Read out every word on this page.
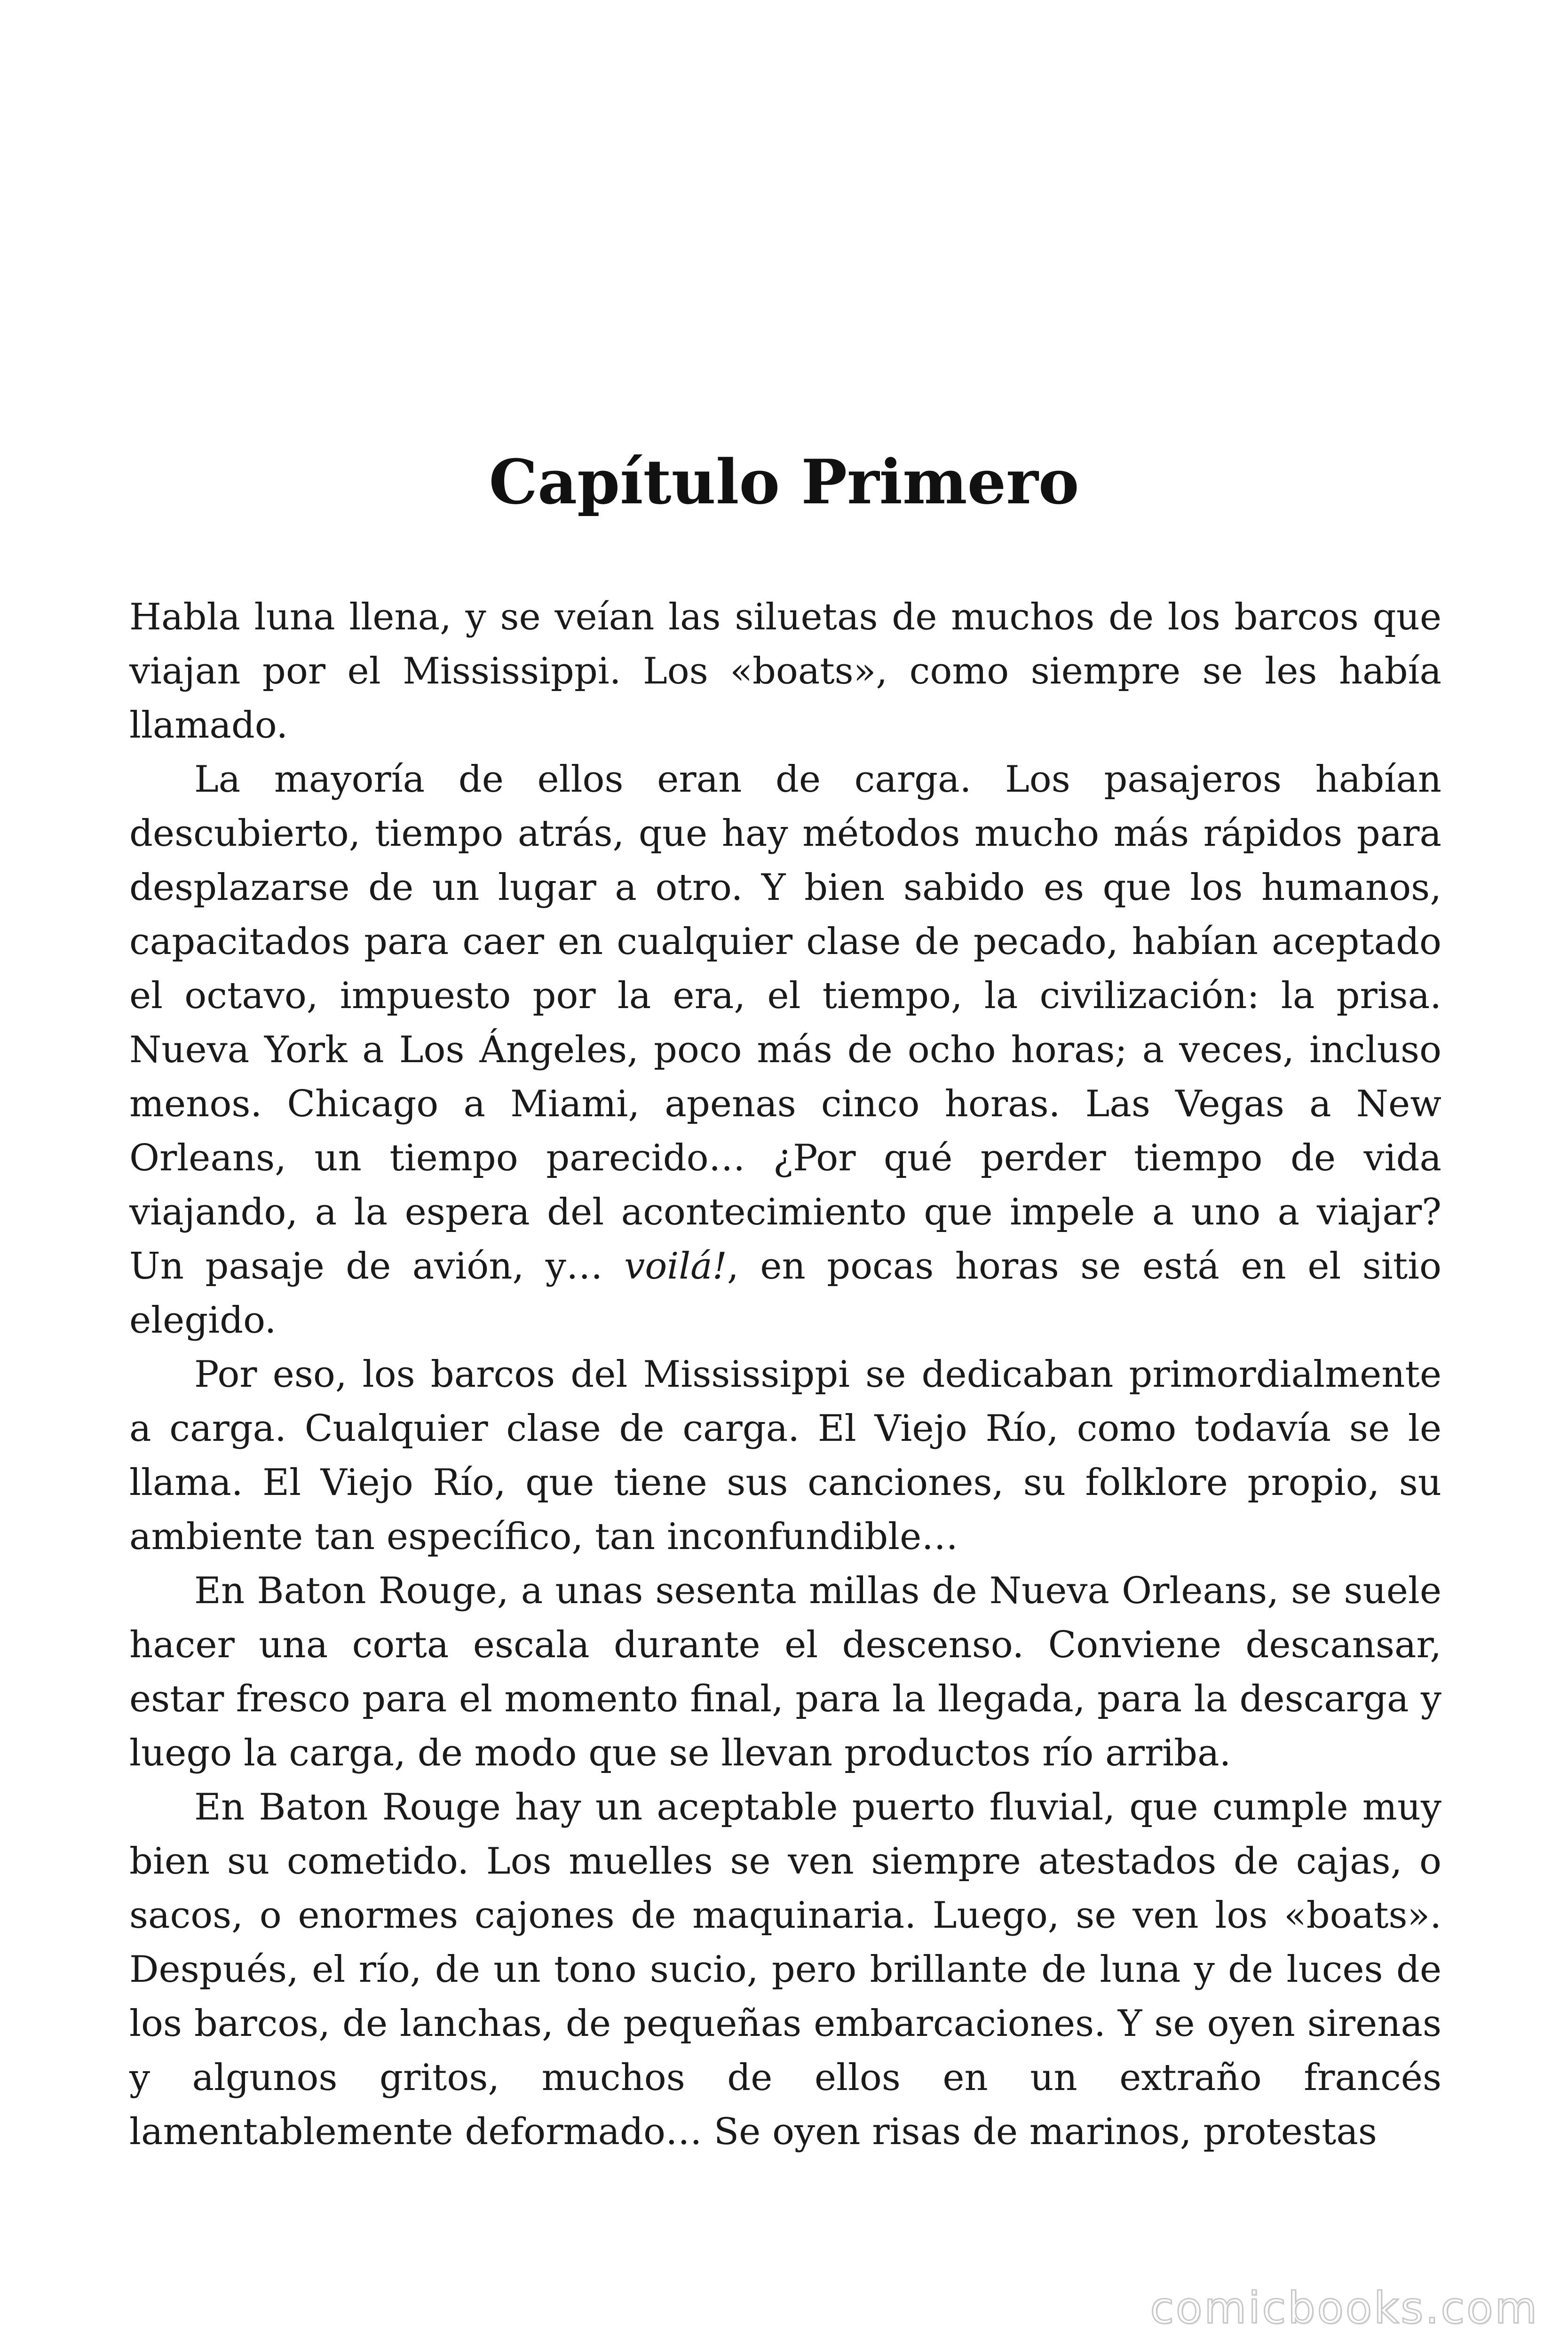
Capítulo Primero

Habla luna llena, y se veían las siluetas de muchos de los barcos que viajan por el Mississippi. Los «boats», como siempre se les había llamado.

La mayoría de ellos eran de carga. Los pasajeros habían descubierto, tiempo atrás, que hay métodos mucho más rápidos para desplazarse de un lugar a otro. Y bien sabido es que los humanos, capacitados para caer en cualquier clase de pecado, habían aceptado el octavo, impuesto por la era, el tiempo, la civilización: la prisa. Nueva York a Los Ángeles, poco más de ocho horas; a veces, incluso menos. Chicago a Miami, apenas cinco horas. Las Vegas a New Orleans, un tiempo parecido… ¿Por qué perder tiempo de vida viajando, a la espera del acontecimiento que impele a uno a viajar? Un pasaje de avión, y… voilá!, en pocas horas se está en el sitio elegido.

Por eso, los barcos del Mississippi se dedicaban primordialmente a carga. Cualquier clase de carga. El Viejo Río, como todavía se le llama. El Viejo Río, que tiene sus canciones, su folklore propio, su ambiente tan específico, tan inconfundible…

En Baton Rouge, a unas sesenta millas de Nueva Orleans, se suele hacer una corta escala durante el descenso. Conviene descansar, estar fresco para el momento final, para la llegada, para la descarga y luego la carga, de modo que se llevan productos río arriba.

En Baton Rouge hay un aceptable puerto fluvial, que cumple muy bien su cometido. Los muelles se ven siempre atestados de cajas, o sacos, o enormes cajones de maquinaria. Luego, se ven los «boats». Después, el río, de un tono sucio, pero brillante de luna y de luces de los barcos, de lanchas, de pequeñas embarcaciones. Y se oyen sirenas y algunos gritos, muchos de ellos en un extraño francés lamentablemente deformado… Se oyen risas de marinos, protestas

comicbooks.com
